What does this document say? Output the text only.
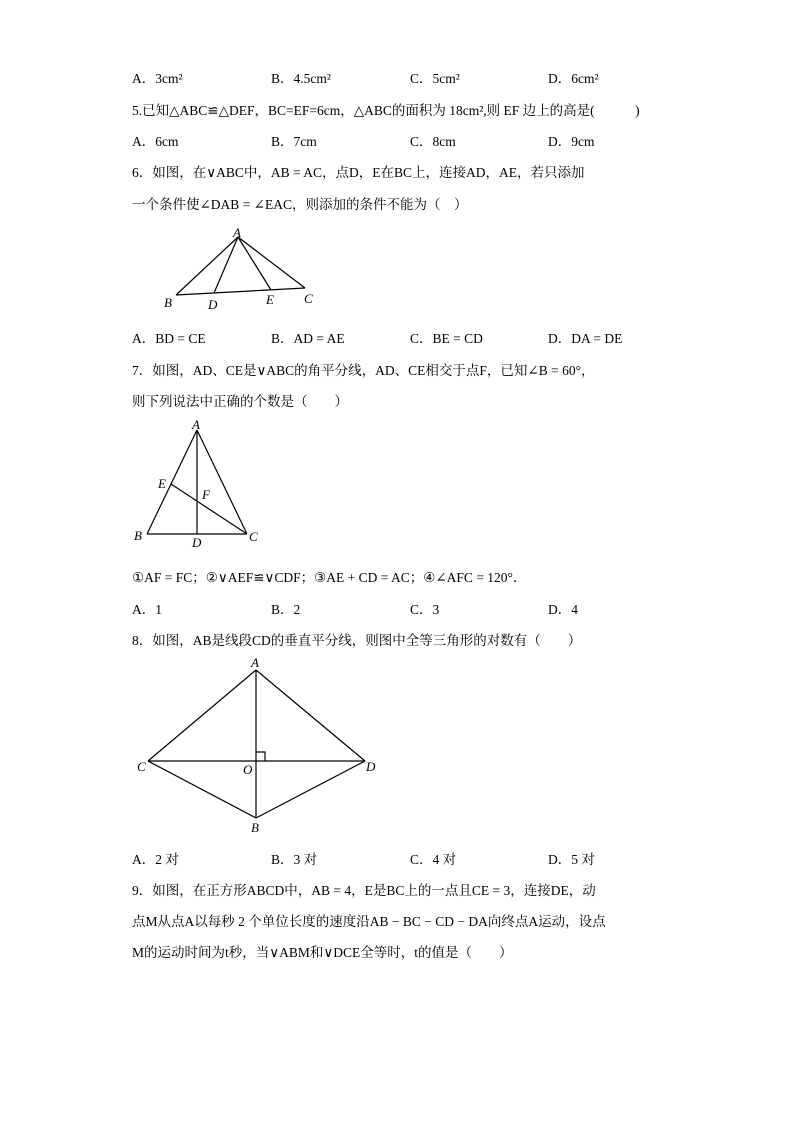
A．3cm²	B．4.5cm²	C．5cm²	D．6cm²
5.已知△ABC≌△DEF，BC=EF=6cm，△ABC的面积为 18cm²,则 EF 边上的高是(　　　)
A．6cm	B．7cm	C．8cm	D．9cm
6．如图，在∨ABC中，AB = AC，点D，E在BC上，连接AD，AE，若只添加
一个条件使∠DAB = ∠EAC，则添加的条件不能为（　）
A
B	D	E C
A．BD = CE	B．AD = AE	C．BE = CD	D．DA = DE
7．如图，AD、CE是∨ABC的角平分线，AD、CE相交于点F，已知∠B = 60°，
则下列说法中正确的个数是（　　）
A
E
F
B	D	C
①AF = FC；②∨AEF≌∨CDF；③AE + CD = AC；④∠AFC = 120°．
A．1	B．2	C．3	D．4
8．如图，AB是线段CD的垂直平分线，则图中全等三角形的对数有（　　）
A
C	O	D
B
A．2 对	B．3 对	C．4 对	D．5 对
9．如图，在正方形ABCD中，AB = 4，E是BC上的一点且CE = 3，连接DE，动
点M从点A以每秒 2 个单位长度的速度沿AB − BC − CD − DA向终点A运动，设点
M的运动时间为t秒，当∨ABM和∨DCE全等时，t的值是（　　）
